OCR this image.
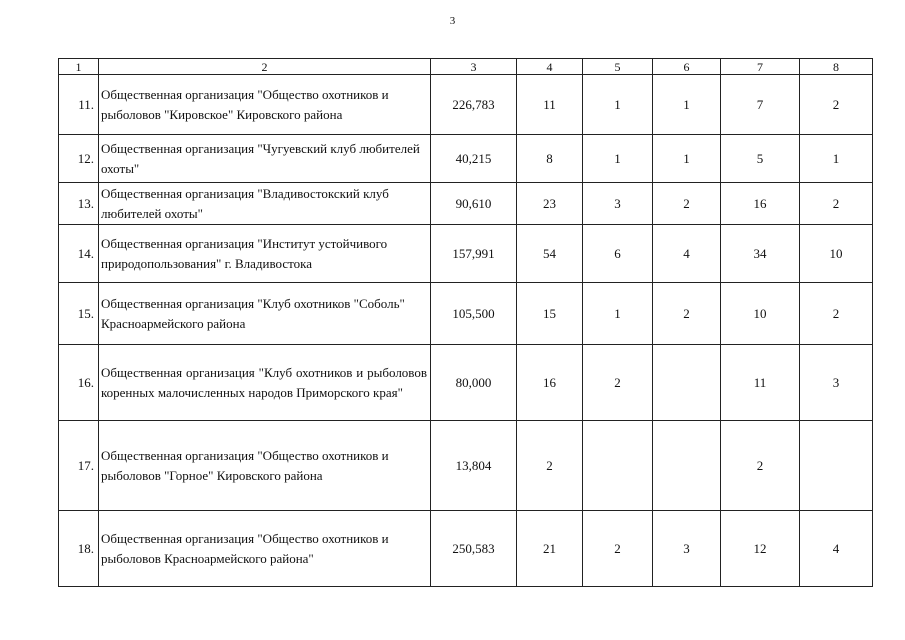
3
1	2	3	4	5	6	7	8
11.	Общественная организация "Общество охотников и рыболовов "Кировское" Кировского района	226,783	11	1	1	7	2
12.	Общественная организация "Чугуевский клуб любителей охоты"	40,215	8	1	1	5	1
13.	Общественная организация "Владивостокский клуб любителей охоты"	90,610	23	3	2	16	2
14.	Общественная организация "Институт устойчивого природопользования" г. Владивостока	157,991	54	6	4	34	10
15.	Общественная организация "Клуб охотников "Соболь" Красноармейского района	105,500	15	1	2	10	2
16.	Общественная организация "Клуб охотников и рыболовов коренных малочисленных народов Приморского края"	80,000	16	2		11	3
17.	Общественная организация "Общество охотников и рыболовов "Горное" Кировского района	13,804	2			2	
18.	Общественная организация "Общество охотников и рыболовов Красноармейского района"	250,583	21	2	3	12	4
